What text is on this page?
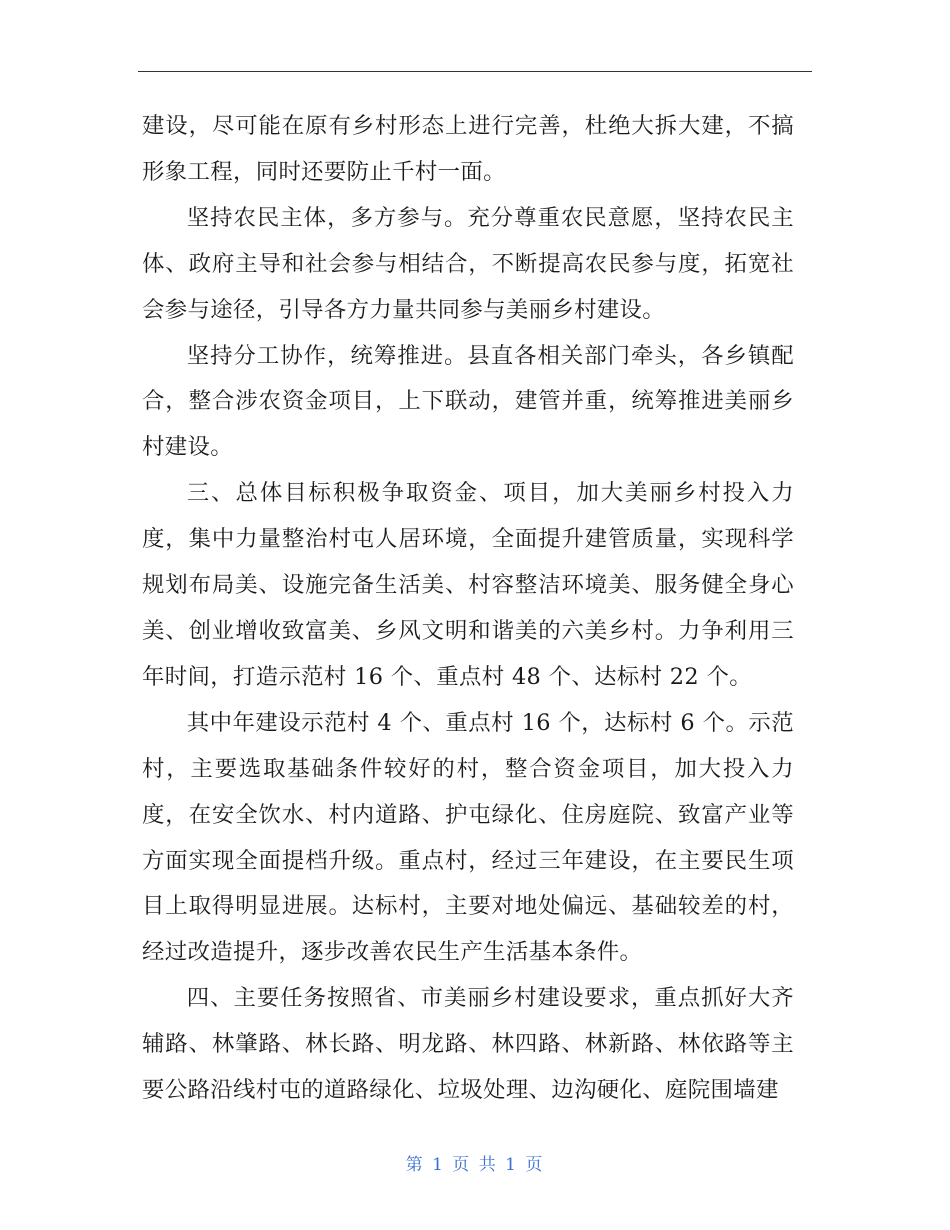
建设，尽可能在原有乡村形态上进行完善，杜绝大拆大建，不搞形象工程，同时还要防止千村一面。

坚持农民主体，多方参与。充分尊重农民意愿，坚持农民主体、政府主导和社会参与相结合，不断提高农民参与度，拓宽社会参与途径，引导各方力量共同参与美丽乡村建设。

坚持分工协作，统筹推进。县直各相关部门牵头，各乡镇配合，整合涉农资金项目，上下联动，建管并重，统筹推进美丽乡村建设。

三、总体目标积极争取资金、项目，加大美丽乡村投入力度，集中力量整治村屯人居环境，全面提升建管质量，实现科学规划布局美、设施完备生活美、村容整洁环境美、服务健全身心美、创业增收致富美、乡风文明和谐美的六美乡村。力争利用三年时间，打造示范村 16 个、重点村 48 个、达标村 22 个。

其中年建设示范村 4 个、重点村 16 个，达标村 6 个。示范村，主要选取基础条件较好的村，整合资金项目，加大投入力度，在安全饮水、村内道路、护屯绿化、住房庭院、致富产业等方面实现全面提档升级。重点村，经过三年建设，在主要民生项目上取得明显进展。达标村，主要对地处偏远、基础较差的村，经过改造提升，逐步改善农民生产生活基本条件。

四、主要任务按照省、市美丽乡村建设要求，重点抓好大齐辅路、林肇路、林长路、明龙路、林四路、林新路、林依路等主要公路沿线村屯的道路绿化、垃圾处理、边沟硬化、庭院围墙建

第 1 页 共 1 页
